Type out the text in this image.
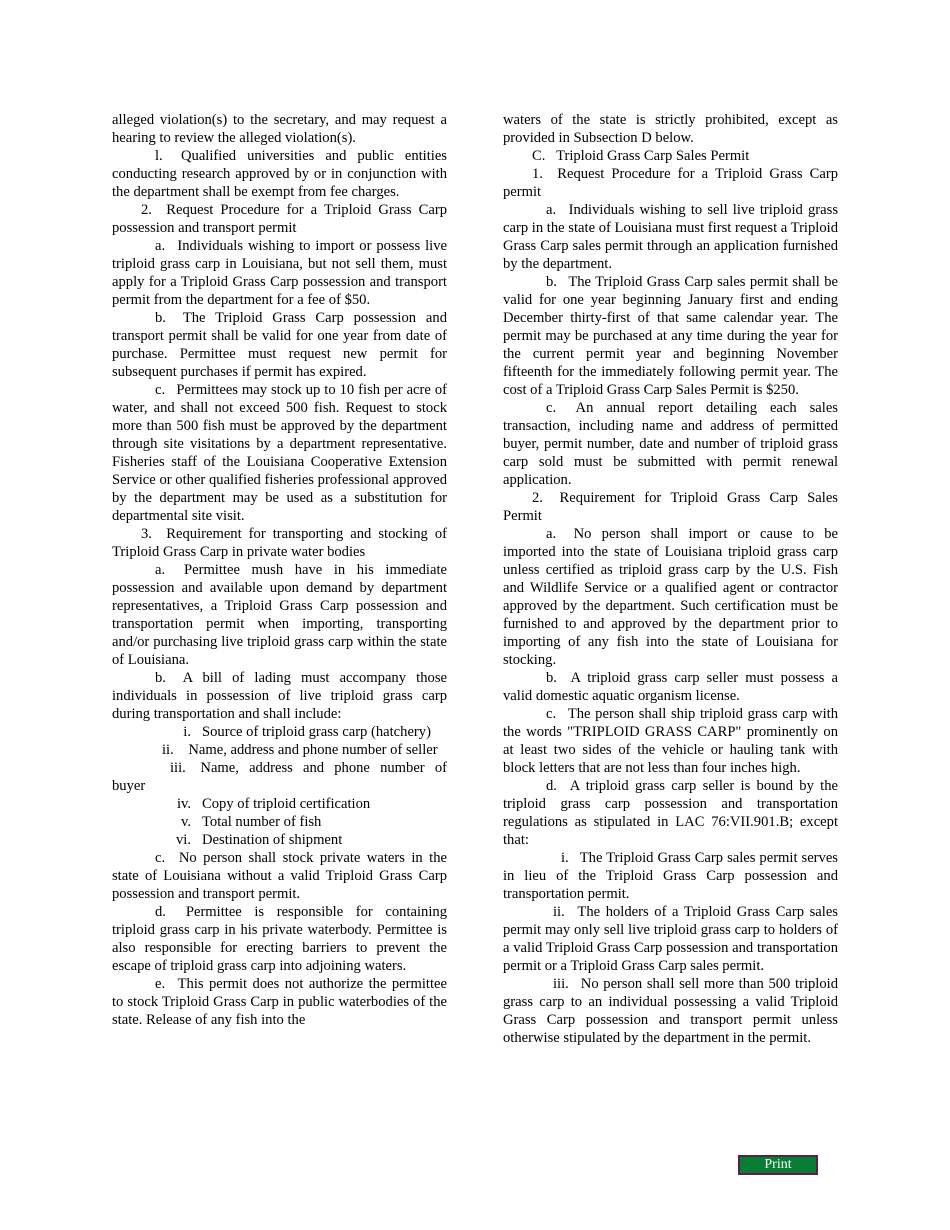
alleged violation(s) to the secretary, and may request a hearing to review the alleged violation(s).

l.  Qualified universities and public entities conducting research approved by or in conjunction with the department shall be exempt from fee charges.

2.  Request Procedure for a Triploid Grass Carp possession and transport permit

a.  Individuals wishing to import or possess live triploid grass carp in Louisiana, but not sell them, must apply for a Triploid Grass Carp possession and transport permit from the department for a fee of $50.

b.  The Triploid Grass Carp possession and transport permit shall be valid for one year from date of purchase. Permittee must request new permit for subsequent purchases if permit has expired.

c.  Permittees may stock up to 10 fish per acre of water, and shall not exceed 500 fish. Request to stock more than 500 fish must be approved by the department through site visitations by a department representative. Fisheries staff of the Louisiana Cooperative Extension Service or other qualified fisheries professional approved by the department may be used as a substitution for departmental site visit.

3.  Requirement for transporting and stocking of Triploid Grass Carp in private water bodies

a.  Permittee mush have in his immediate possession and available upon demand by department representatives, a Triploid Grass Carp possession and transportation permit when importing, transporting and/or purchasing live triploid grass carp within the state of Louisiana.

b.  A bill of lading must accompany those individuals in possession of live triploid grass carp during transportation and shall include:

i. Source of triploid grass carp (hatchery)

ii.   Name, address and phone number of seller

iii.   Name, address and phone number of buyer

iv. Copy of triploid certification
v. Total number of fish
vi. Destination of shipment

c.  No person shall stock private waters in the state of Louisiana without a valid Triploid Grass Carp possession and transport permit.

d.  Permittee is responsible for containing triploid grass carp in his private waterbody. Permittee is also responsible for erecting barriers to prevent the escape of triploid grass carp into adjoining waters.

e.  This permit does not authorize the permittee to stock Triploid Grass Carp in public waterbodies of the state. Release of any fish into the

waters of the state is strictly prohibited, except as provided in Subsection D below.

C.  Triploid Grass Carp Sales Permit

1.  Request Procedure for a Triploid Grass Carp permit

a.  Individuals wishing to sell live triploid grass carp in the state of Louisiana must first request a Triploid Grass Carp sales permit through an application furnished by the department.

b.  The Triploid Grass Carp sales permit shall be valid for one year beginning January first and ending December thirty-first of that same calendar year. The permit may be purchased at any time during the year for the current permit year and beginning November fifteenth for the immediately following permit year. The cost of a Triploid Grass Carp Sales Permit is $250.

c.  An annual report detailing each sales transaction, including name and address of permitted buyer, permit number, date and number of triploid grass carp sold must be submitted with permit renewal application.

2.  Requirement for Triploid Grass Carp Sales Permit

a.  No person shall import or cause to be imported into the state of Louisiana triploid grass carp unless certified as triploid grass carp by the U.S. Fish and Wildlife Service or a qualified agent or contractor approved by the department. Such certification must be furnished to and approved by the department prior to importing of any fish into the state of Louisiana for stocking.

b.  A triploid grass carp seller must possess a valid domestic aquatic organism license.

c.  The person shall ship triploid grass carp with the words "TRIPLOID GRASS CARP" prominently on at least two sides of the vehicle or hauling tank with block letters that are not less than four inches high.

d.  A triploid grass carp seller is bound by the triploid grass carp possession and transportation regulations as stipulated in LAC 76:VII.901.B; except that:

i.  The Triploid Grass Carp sales permit serves in lieu of the Triploid Grass Carp possession and transportation permit.

ii.  The holders of a Triploid Grass Carp sales permit may only sell live triploid grass carp to holders of a valid Triploid Grass Carp possession and transportation permit or a Triploid Grass Carp sales permit.

iii.  No person shall sell more than 500 triploid grass carp to an individual possessing a valid Triploid Grass Carp possession and transport permit unless otherwise stipulated by the department in the permit.

Print
